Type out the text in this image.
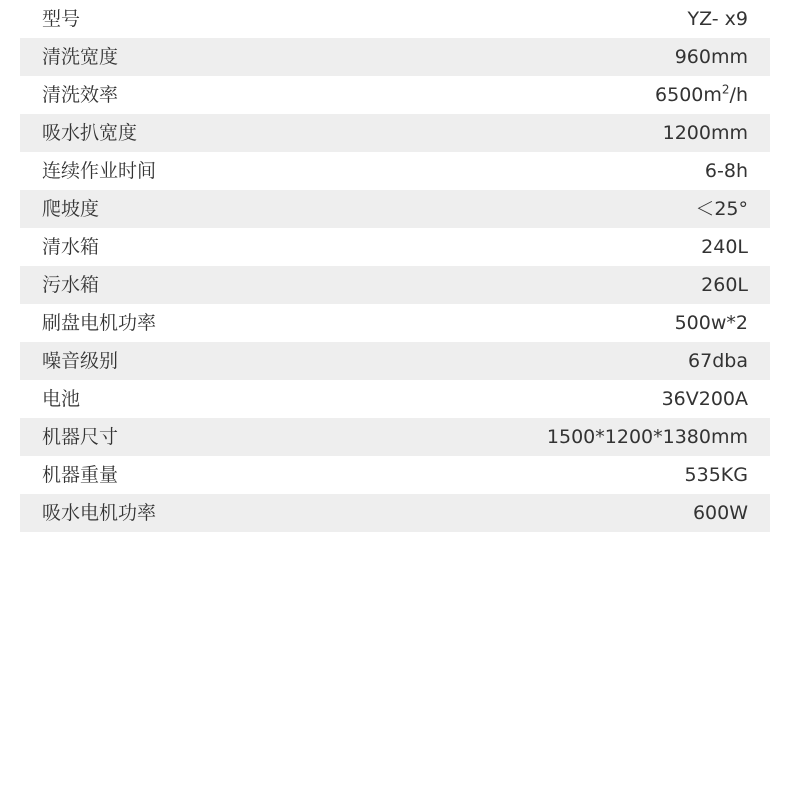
型号	YZ- x9
清洗宽度	960mm
清洗效率	$6500m^2/h$
吸水扒宽度	1200mm
连续作业时间	6-8h
爬坡度	＜25°
清水箱	240L
污水箱	260L
刷盘电机功率	500w*2
噪音级别	67dba
电池	36V200A
机器尺寸	1500*1200*1380mm
机器重量	535KG
吸水电机功率	600W
